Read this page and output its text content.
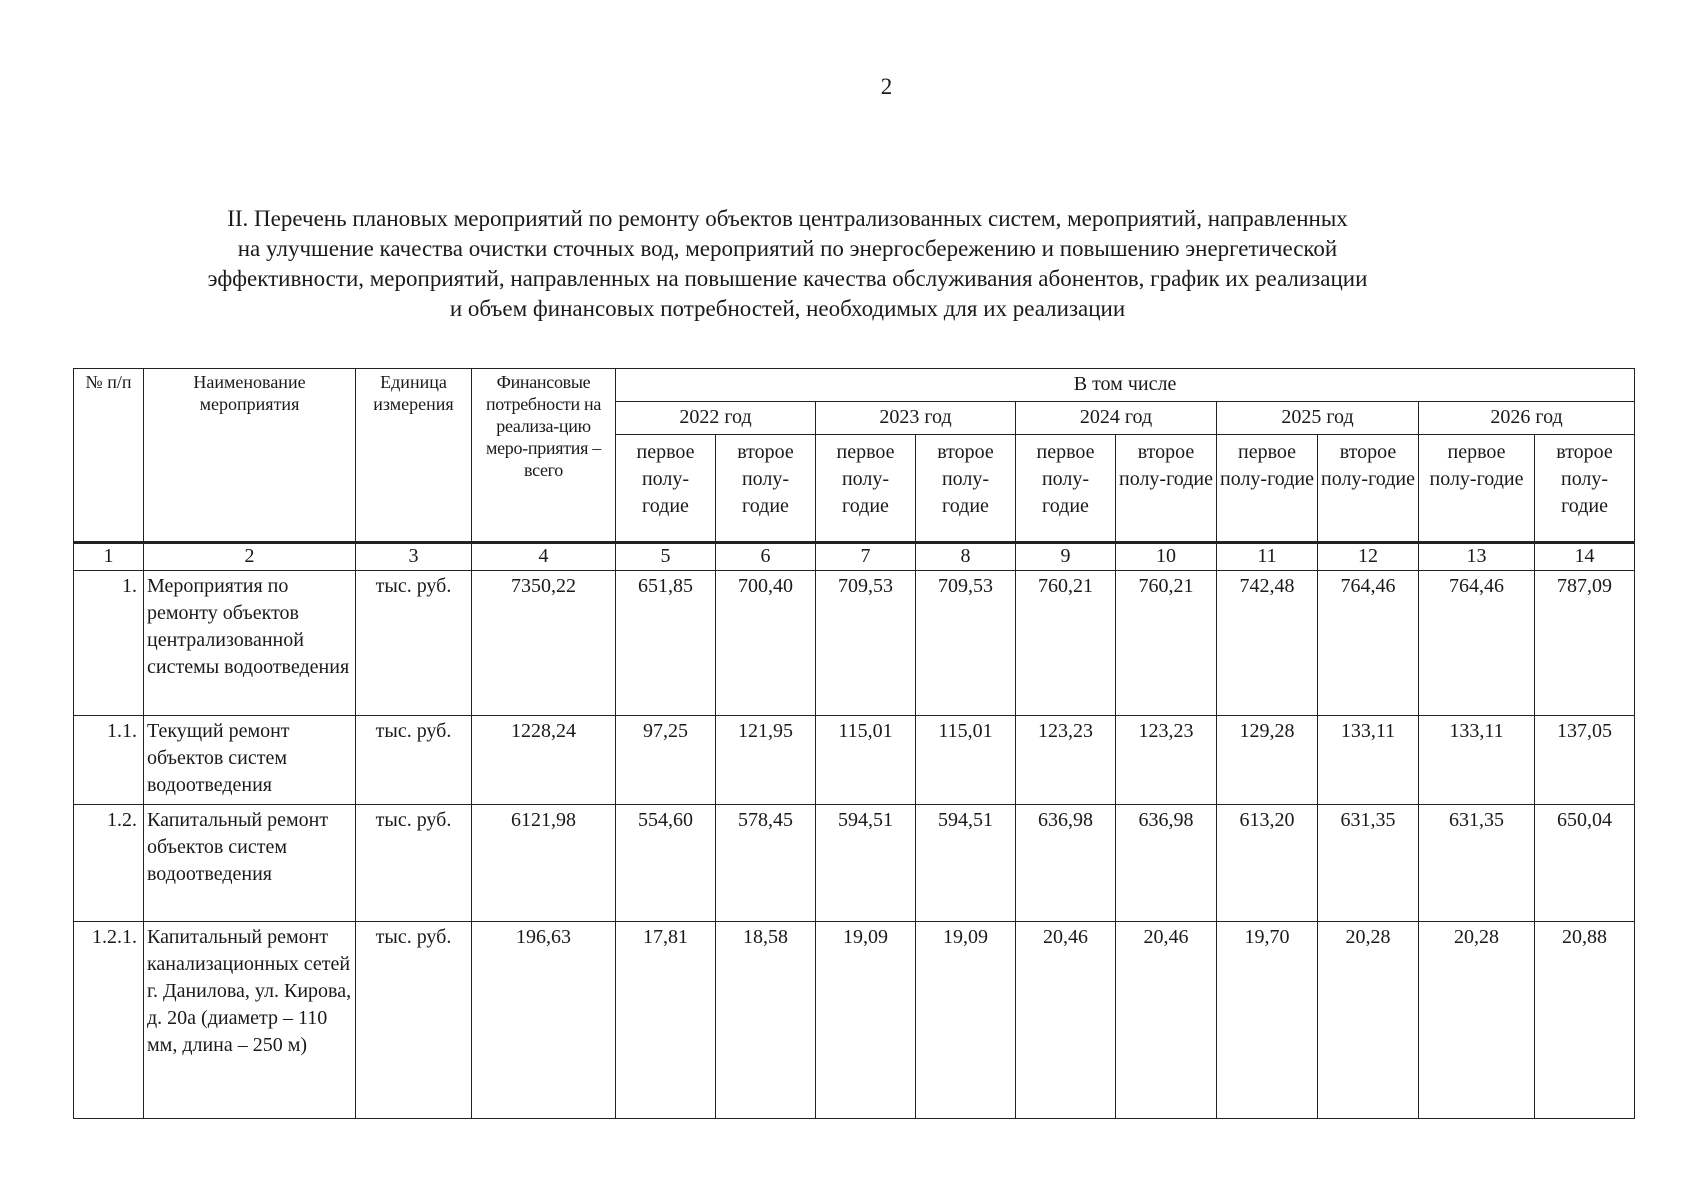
2
II. Перечень плановых мероприятий по ремонту объектов централизованных систем, мероприятий, направленных
на улучшение качества очистки сточных вод, мероприятий по энергосбережению и повышению энергетической
эффективности, мероприятий, направленных на повышение качества обслуживания абонентов, график их реализации
и объем финансовых потребностей, необходимых для их реализации
№ п/п	Наименование мероприятия	Единица измерения	Финансовые потребности на реализа-цию меро-приятия – всего	В том числе									
				2022 год		2023 год		2024 год		2025 год		2026 год	
				первое полу-годие	второе полу-годие	первое полу-годие	второе полу-годие	первое полу-годие	второе полу-годие	первое полу-годие	второе полу-годие	первое полу-годие	второе полу-годие
1	2	3	4	5	6	7	8	9	10	11	12	13	14
1.	Мероприятия по ремонту объектов централизованной системы водоотведения	тыс. руб.	7350,22	651,85	700,40	709,53	709,53	760,21	760,21	742,48	764,46	764,46	787,09
1.1.	Текущий ремонт объектов систем водоотведения	тыс. руб.	1228,24	97,25	121,95	115,01	115,01	123,23	123,23	129,28	133,11	133,11	137,05
1.2.	Капитальный ремонт объектов систем водоотведения	тыс. руб.	6121,98	554,60	578,45	594,51	594,51	636,98	636,98	613,20	631,35	631,35	650,04
1.2.1.	Капитальный ремонт канализационных сетей г. Данилова, ул. Кирова, д. 20а (диаметр – 110 мм, длина – 250 м)	тыс. руб.	196,63	17,81	18,58	19,09	19,09	20,46	20,46	19,70	20,28	20,28	20,88
